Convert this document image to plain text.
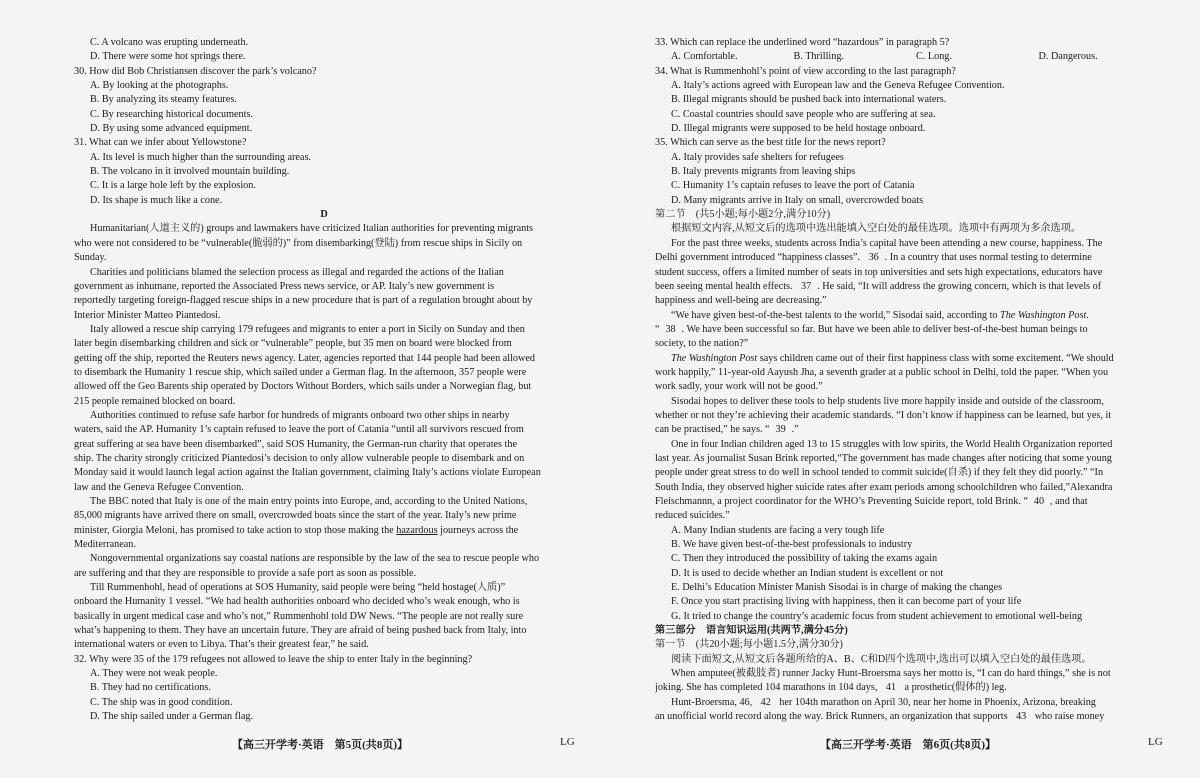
C. A volcano was erupting underneath.
D. There were some hot springs there.
30. How did Bob Christiansen discover the park’s volcano?
A. By looking at the photographs.
B. By analyzing its steamy features.
C. By researching historical documents.
D. By using some advanced equipment.
31. What can we infer about Yellowstone?
A. Its level is much higher than the surrounding areas.
B. The volcano in it involved mountain building.
C. It is a large hole left by the explosion.
D. Its shape is much like a cone.
D
Humanitarian(人道主义的) groups and lawmakers have criticized Italian authorities for preventing migrants
who were not considered to be “vulnerable(脆弱的)” from disembarking(登陆) from rescue ships in Sicily on
Sunday.
Charities and politicians blamed the selection process as illegal and regarded the actions of the Italian
government as inhumane, reported the Associated Press news service, or AP. Italy’s new government is
reportedly targeting foreign-flagged rescue ships in a new procedure that is part of a regulation brought about by
Interior Minister Matteo Piantedosi.
Italy allowed a rescue ship carrying 179 refugees and migrants to enter a port in Sicily on Sunday and then
later begin disembarking children and sick or “vulnerable” people, but 35 men on board were blocked from
getting off the ship, reported the Reuters news agency. Later, agencies reported that 144 people had been allowed
to disembark the Humanity 1 rescue ship, which sailed under a German flag. In the afternoon, 357 people were
allowed off the Geo Barents ship operated by Doctors Without Borders, which sails under a Norwegian flag, but
215 people remained blocked on board.
Authorities continued to refuse safe harbor for hundreds of migrants onboard two other ships in nearby
waters, said the AP. Humanity 1’s captain refused to leave the port of Catania “until all survivors rescued from
great suffering at sea have been disembarked”, said SOS Humanity, the German-run charity that operates the
ship. The charity strongly criticized Piantedosi’s decision to only allow vulnerable people to disembark and on
Monday said it would launch legal action against the Italian government, claiming Italy’s actions violate European
law and the Geneva Refugee Convention.
The BBC noted that Italy is one of the main entry points into Europe, and, according to the United Nations,
85,000 migrants have arrived there on small, overcrowded boats since the start of the year. Italy’s new prime
minister, Giorgia Meloni, has promised to take action to stop those making the hazardous journeys across the
Mediterranean.
Nongovernmental organizations say coastal nations are responsible by the law of the sea to rescue people who
are suffering and that they are responsible to provide a safe port as soon as possible.
Till Rummenhohl, head of operations at SOS Humanity, said people were being “held hostage(人质)”
onboard the Humanity 1 vessel. “We had health authorities onboard who decided who’s weak enough, who is
basically in urgent medical case and who’s not,” Rummenhohl told DW News. “The people are not really sure
what’s happening to them. They have an uncertain future. They are afraid of being pushed back from Italy, into
international waters or even to Libya. That’s their greatest fear,” he said.
32. Why were 35 of the 179 refugees not allowed to leave the ship to enter Italy in the beginning?
A. They were not weak people.
B. They had no certifications.
C. The ship was in good condition.
D. The ship sailed under a German flag.
【高三开学考·英语　第5页(共8页)】	LG
33. Which can replace the underlined word “hazardous” in paragraph 5?
A. Comfortable.	B. Thrilling.	C. Long.	D. Dangerous.
34. What is Rummenhohl’s point of view according to the last paragraph?
A. Italy’s actions agreed with European law and the Geneva Refugee Convention.
B. Illegal migrants should be pushed back into international waters.
C. Coastal countries should save people who are suffering at sea.
D. Illegal migrants were supposed to be held hostage onboard.
35. Which can serve as the best title for the news report?
A. Italy provides safe shelters for refugees
B. Italy prevents migrants from leaving ships
C. Humanity 1’s captain refuses to leave the port of Catania
D. Many migrants arrive in Italy on small, overcrowded boats
第二节　(共5小题;每小题2分,满分10分)
根据短文内容,从短文后的选项中选出能填入空白处的最佳选项。选项中有两项为多余选项。
For the past three weeks, students across India’s capital have been attending a new course, happiness. The
Delhi government introduced “happiness classes”. 36 . In a country that uses normal testing to determine
student success, offers a limited number of seats in top universities and sets high expectations, educators have
been seeing mental health effects. 37 . He said, “It will address the growing concern, which is that levels of
happiness and well-being are decreasing.”
“We have given best-of-the-best talents to the world,” Sisodai said, according to The Washington Post.
“ 38 . We have been successful so far. But have we been able to deliver best-of-the-best human beings to
society, to the nation?”
The Washington Post says children came out of their first happiness class with some excitement. “We should
work happily,” 11-year-old Aayush Jha, a seventh grader at a public school in Delhi, told the paper. “When you
work sadly, your work will not be good.”
Sisodai hopes to deliver these tools to help students live more happily inside and outside of the classroom,
whether or not they’re achieving their academic standards. “I don’t know if happiness can be learned, but yes, it
can be practised,” he says. “ 39 .”
One in four Indian children aged 13 to 15 struggles with low spirits, the World Health Organization reported
last year. As journalist Susan Brink reported,“The government has made changes after noticing that some young
people under great stress to do well in school tended to commit suicide(自杀) if they felt they did poorly.” “In
South India, they observed higher suicide rates after exam periods among schoolchildren who failed,”Alexandra
Fleischmannn, a project coordinator for the WHO’s Preventing Suicide report, told Brink. “ 40 , and that
reduced suicides.”
A. Many Indian students are facing a very tough life
B. We have given best-of-the-best professionals to industry
C. Then they introduced the possibility of taking the exams again
D. It is used to decide whether an Indian student is excellent or not
E. Delhi’s Education Minister Manish Sisodai is in charge of making the changes
F. Once you start practising living with happiness, then it can become part of your life
G. It tried to change the country’s academic focus from student achievement to emotional well-being
第三部分　语言知识运用(共两节,满分45分)
第一节　(共20小题;每小题1.5分,满分30分)
阅读下面短文,从短文后各题所给的A、B、C和D四个选项中,选出可以填入空白处的最佳选项。
When amputee(被截肢者) runner Jacky Hunt-Broersma says her motto is, “I can do hard things,” she is not
joking. She has completed 104 marathons in 104 days, 41 a prosthetic(假体的) leg.
Hunt-Broersma, 46, 42 her 104th marathon on April 30, near her home in Phoenix, Arizona, breaking
an unofficial world record along the way. Brick Runners, an organization that supports 43 who raise money
【高三开学考·英语　第6页(共8页)】	LG
